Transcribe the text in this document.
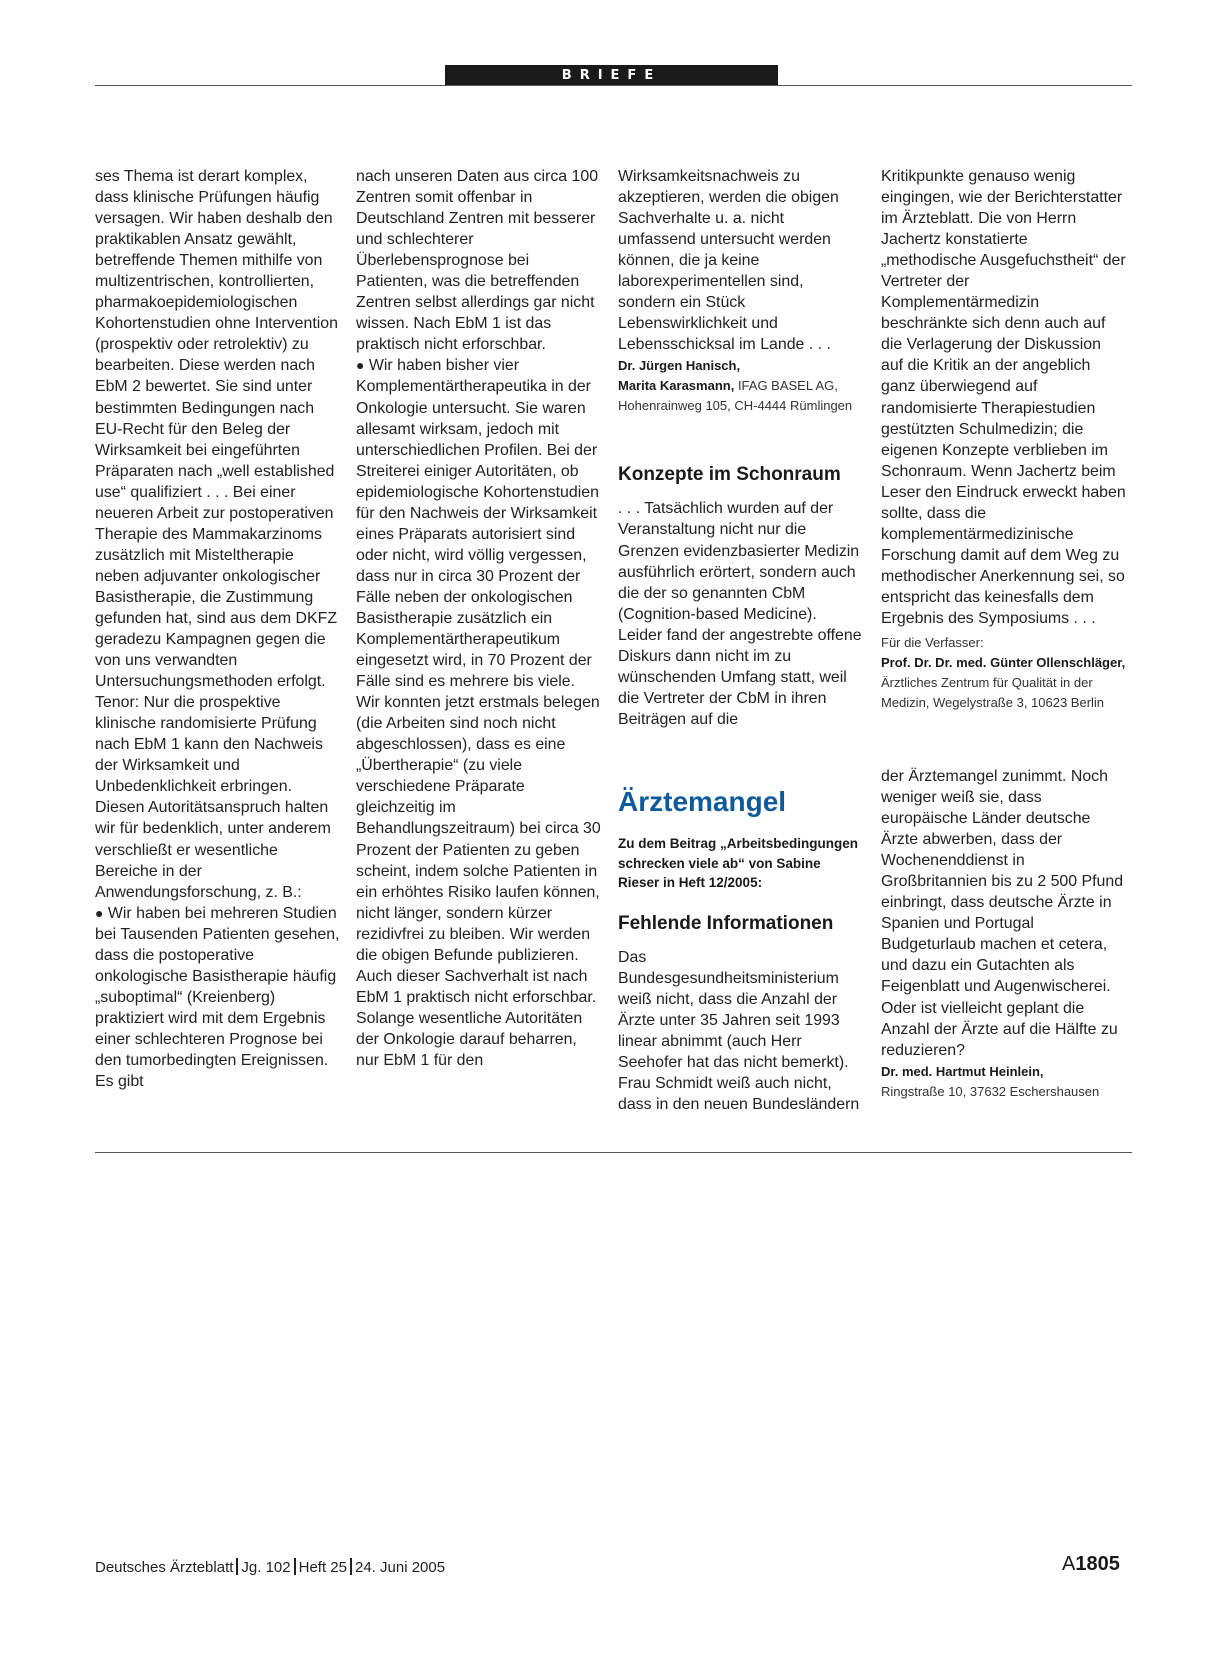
BRIEFE

ses Thema ist derart komplex, dass klinische Prüfungen häufig versagen. Wir haben deshalb den praktikablen Ansatz gewählt, betreffende Themen mithilfe von multizentrischen, kontrollierten, pharmakoepidemiologischen Kohortenstudien ohne Intervention (prospektiv oder retrolektiv) zu bearbeiten. Diese werden nach EbM 2 bewertet. Sie sind unter bestimmten Bedingungen nach EU-Recht für den Beleg der Wirksamkeit bei eingeführten Präparaten nach „well established use“ qualifiziert . . . Bei einer neueren Arbeit zur postoperativen Therapie des Mammakarzinoms zusätzlich mit Misteltherapie neben adjuvanter onkologischer Basistherapie, die Zustimmung gefunden hat, sind aus dem DKFZ geradezu Kampagnen gegen die von uns verwandten Untersuchungsmethoden erfolgt. Tenor: Nur die prospektive klinische randomisierte Prüfung nach EbM 1 kann den Nachweis der Wirksamkeit und Unbedenklichkeit erbringen. Diesen Autoritätsanspruch halten wir für bedenklich, unter anderem verschließt er wesentliche Bereiche in der Anwendungsforschung, z. B.:
● Wir haben bei mehreren Studien bei Tausenden Patienten gesehen, dass die postoperative onkologische Basistherapie häufig „suboptimal“ (Kreienberg) praktiziert wird mit dem Ergebnis einer schlechteren Prognose bei den tumorbedingten Ereignissen. Es gibt

nach unseren Daten aus circa 100 Zentren somit offenbar in Deutschland Zentren mit besserer und schlechterer Überlebensprognose bei Patienten, was die betreffenden Zentren selbst allerdings gar nicht wissen. Nach EbM 1 ist das praktisch nicht erforschbar.
● Wir haben bisher vier Komplementärtherapeutika in der Onkologie untersucht. Sie waren allesamt wirksam, jedoch mit unterschiedlichen Profilen. Bei der Streiterei einiger Autoritäten, ob epidemiologische Kohortenstudien für den Nachweis der Wirksamkeit eines Präparats autorisiert sind oder nicht, wird völlig vergessen, dass nur in circa 30 Prozent der Fälle neben der onkologischen Basistherapie zusätzlich ein Komplementärtherapeutikum eingesetzt wird, in 70 Prozent der Fälle sind es mehrere bis viele. Wir konnten jetzt erstmals belegen (die Arbeiten sind noch nicht abgeschlossen), dass es eine „Übertherapie“ (zu viele verschiedene Präparate gleichzeitig im Behandlungszeitraum) bei circa 30 Prozent der Patienten zu geben scheint, indem solche Patienten in ein erhöhtes Risiko laufen können, nicht länger, sondern kürzer rezidivfrei zu bleiben. Wir werden die obigen Befunde publizieren. Auch dieser Sachverhalt ist nach EbM 1 praktisch nicht erforschbar.

Solange wesentliche Autoritäten der Onkologie darauf beharren, nur EbM 1 für den

Wirksamkeitsnachweis zu akzeptieren, werden die obigen Sachverhalte u. a. nicht umfassend untersucht werden können, die ja keine laborexperimentellen sind, sondern ein Stück Lebenswirklichkeit und Lebensschicksal im Lande . . .

Dr. Jürgen Hanisch,
Marita Karasmann, IFAG BASEL AG, Hohenrainweg 105, CH-4444 Rümlingen

Konzepte im Schonraum

. . . Tatsächlich wurden auf der Veranstaltung nicht nur die Grenzen evidenzbasierter Medizin ausführlich erörtert, sondern auch die der so genannten CbM (Cognition-based Medicine). Leider fand der angestrebte offene Diskurs dann nicht im zu wünschenden Umfang statt, weil die Vertreter der CbM in ihren Beiträgen auf die

Kritikpunkte genauso wenig eingingen, wie der Berichterstatter im Ärzteblatt. Die von Herrn Jachertz konstatierte „methodische Ausgefuchstheit“ der Vertreter der Komplementärmedizin beschränkte sich denn auch auf die Verlagerung der Diskussion auf die Kritik an der angeblich ganz überwiegend auf randomisierte Therapiestudien gestützten Schulmedizin; die eigenen Konzepte verblieben im Schonraum. Wenn Jachertz beim Leser den Eindruck erweckt haben sollte, dass die komplementärmedizinische Forschung damit auf dem Weg zu methodischer Anerkennung sei, so entspricht das keinesfalls dem Ergebnis des Symposiums . . .

Für die Verfasser:
Prof. Dr. Dr. med. Günter Ollenschläger, Ärztliches Zentrum für Qualität in der Medizin, Wegelystraße 3, 10623 Berlin

Ärztemangel

Zu dem Beitrag „Arbeitsbedingungen schrecken viele ab“ von Sabine Rieser in Heft 12/2005:

Fehlende Informationen

Das Bundesgesundheitsministerium weiß nicht, dass die Anzahl der Ärzte unter 35 Jahren seit 1993 linear abnimmt (auch Herr Seehofer hat das nicht bemerkt). Frau Schmidt weiß auch nicht, dass in den neuen Bundesländern

der Ärztemangel zunimmt. Noch weniger weiß sie, dass europäische Länder deutsche Ärzte abwerben, dass der Wochenenddienst in Großbritannien bis zu 2 500 Pfund einbringt, dass deutsche Ärzte in Spanien und Portugal Budgeturlaub machen et cetera, und dazu ein Gutachten als Feigenblatt und Augenwischerei. Oder ist vielleicht geplant die Anzahl der Ärzte auf die Hälfte zu reduzieren?

Dr. med. Hartmut Heinlein,
Ringstraße 10, 37632 Eschershausen

Deutsches Ärzteblatt Jg. 102 Heft 25 24. Juni 2005	A1805
